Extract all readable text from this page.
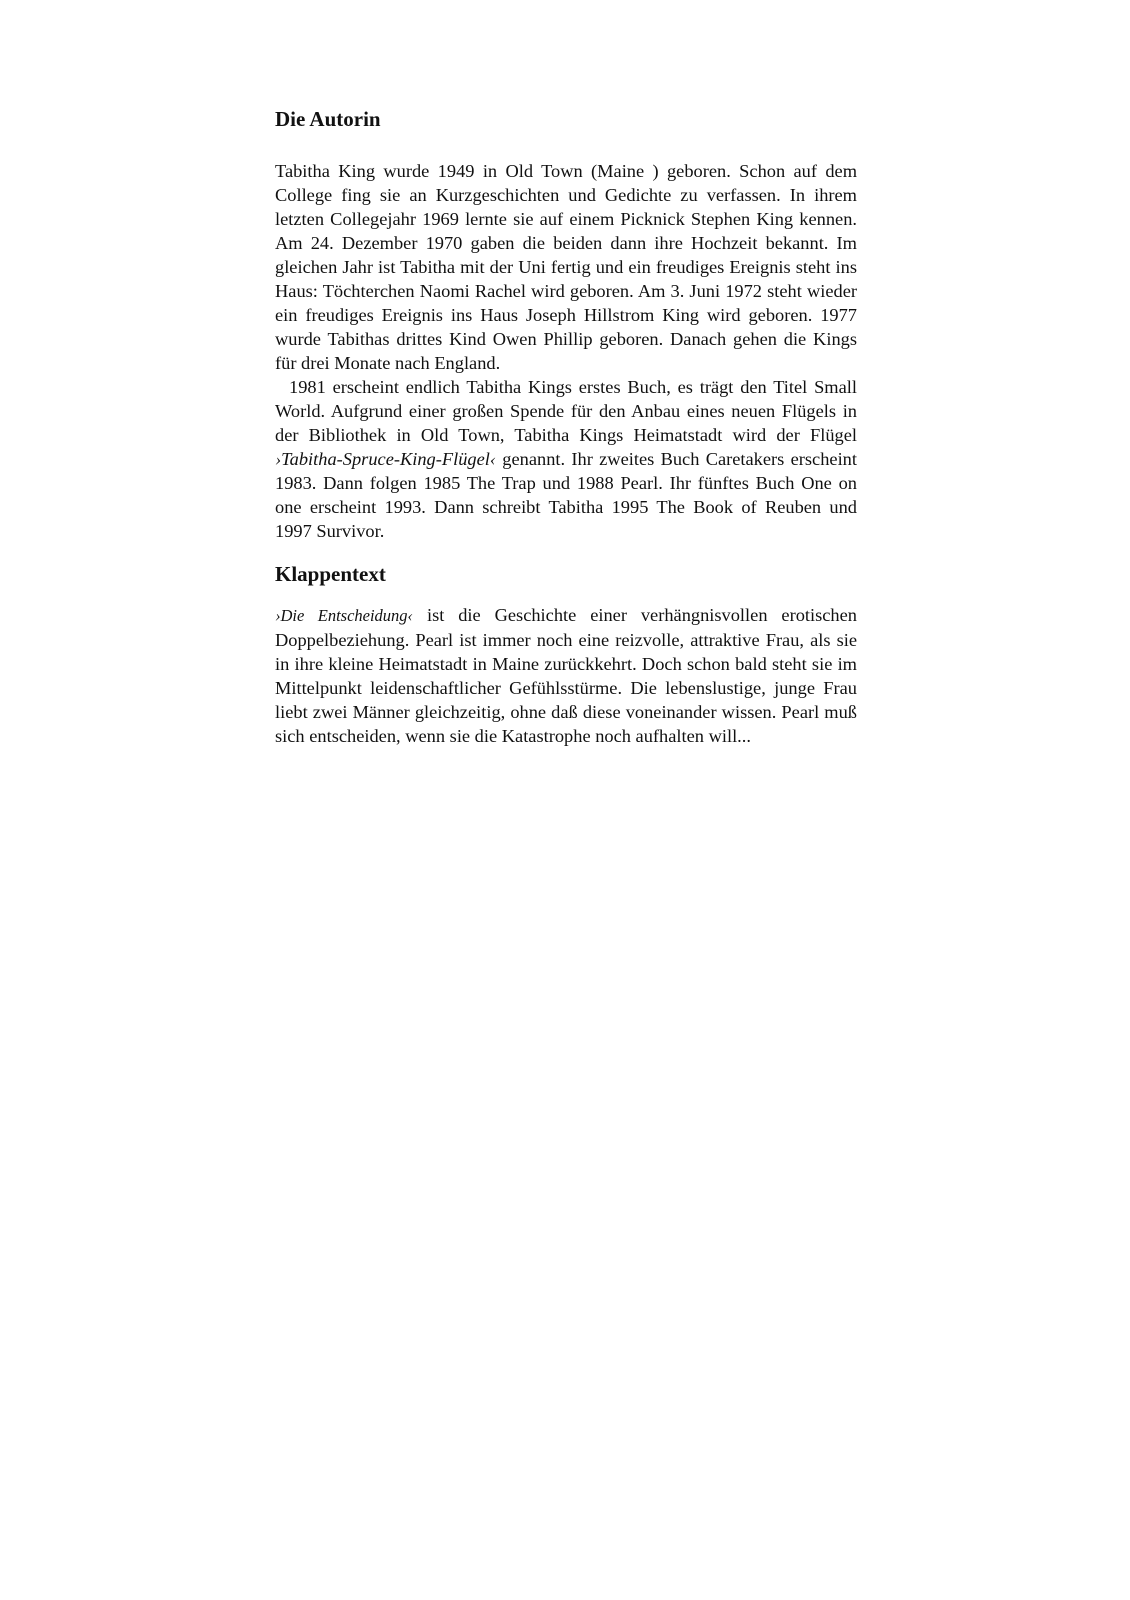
Die Autorin

Tabitha King wurde 1949 in Old Town (Maine ) geboren. Schon auf dem College fing sie an Kurzgeschichten und Gedichte zu verfassen. In ihrem letzten Collegejahr 1969 lernte sie auf einem Picknick Stephen King kennen. Am 24. Dezember 1970 gaben die beiden dann ihre Hochzeit bekannt. Im gleichen Jahr ist Tabitha mit der Uni fertig und ein freudiges Ereignis steht ins Haus: Töchterchen Naomi Rachel wird geboren. Am 3. Juni 1972 steht wieder ein freudiges Ereignis ins Haus Joseph Hillstrom King wird geboren. 1977 wurde Tabithas drittes Kind Owen Phillip geboren. Danach gehen die Kings für drei Monate nach England.

1981 erscheint endlich Tabitha Kings erstes Buch, es trägt den Titel Small World. Aufgrund einer großen Spende für den Anbau eines neuen Flügels in der Bibliothek in Old Town, Tabitha Kings Heimatstadt wird der Flügel ›Tabitha-Spruce-King-Flügel‹ genannt. Ihr zweites Buch Caretakers erscheint 1983. Dann folgen 1985 The Trap und 1988 Pearl. Ihr fünftes Buch One on one erscheint 1993. Dann schreibt Tabitha 1995 The Book of Reuben und 1997 Survivor.

Klappentext

›Die Entscheidung‹ ist die Geschichte einer verhängnisvollen erotischen Doppelbeziehung. Pearl ist immer noch eine reizvolle, attraktive Frau, als sie in ihre kleine Heimatstadt in Maine zurückkehrt. Doch schon bald steht sie im Mittelpunkt leidenschaftlicher Gefühlsstürme. Die lebenslustige, junge Frau liebt zwei Männer gleichzeitig, ohne daß diese voneinander wissen. Pearl muß sich entscheiden, wenn sie die Katastrophe noch aufhalten will...
